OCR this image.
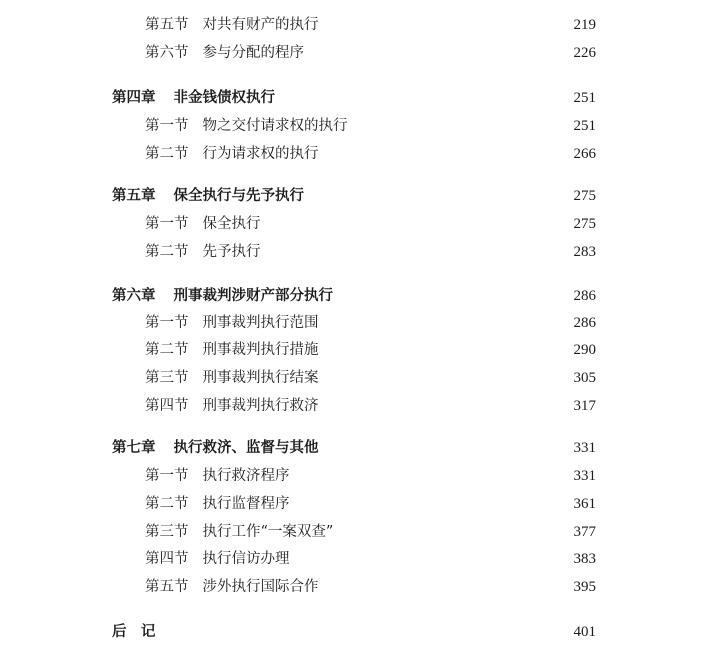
第五节 对共有财产的执行	219
第六节 参与分配的程序	226
第四章 非金钱债权执行	251
第一节 物之交付请求权的执行	251
第二节 行为请求权的执行	266
第五章 保全执行与先予执行	275
第一节 保全执行	275
第二节 先予执行	283
第六章 刑事裁判涉财产部分执行	286
第一节 刑事裁判执行范围	286
第二节 刑事裁判执行措施	290
第三节 刑事裁判执行结案	305
第四节 刑事裁判执行救济	317
第七章 执行救济、监督与其他	331
第一节 执行救济程序	331
第二节 执行监督程序	361
第三节 执行工作“一案双查”	377
第四节 执行信访办理	383
第五节 涉外执行国际合作	395
后　记	401
